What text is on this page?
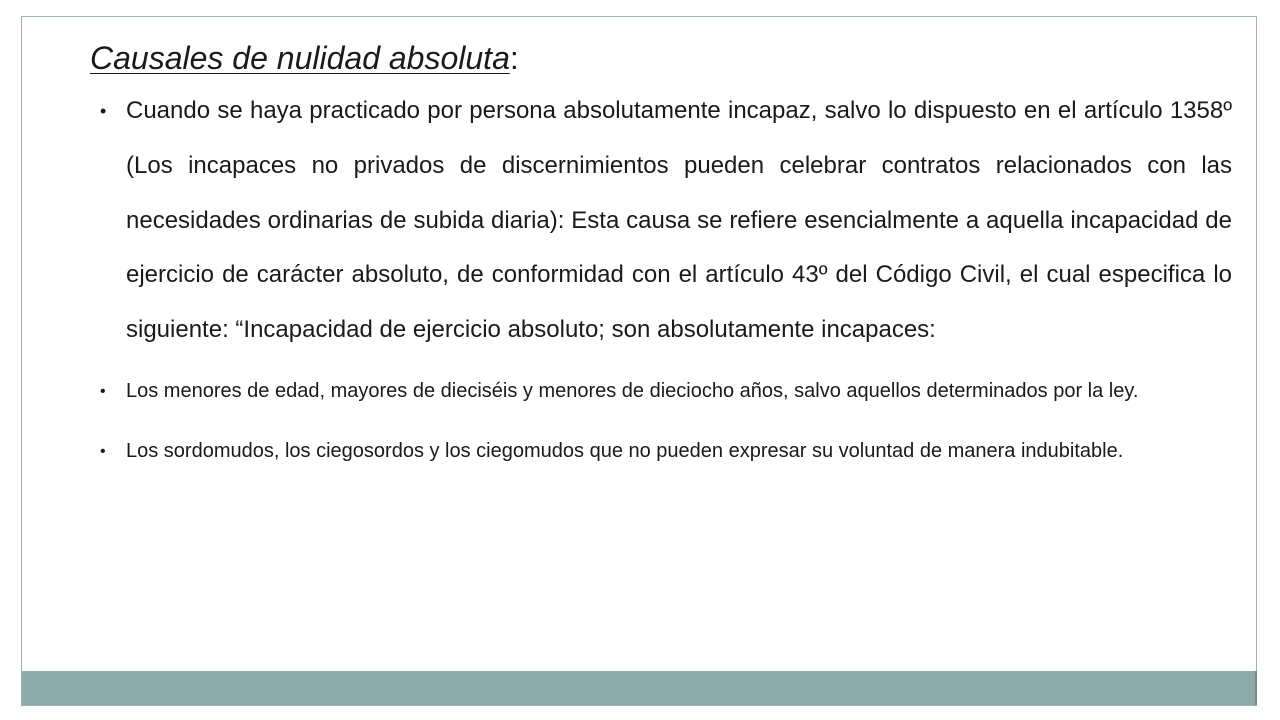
Causales de nulidad absoluta:
• Cuando se haya practicado por persona absolutamente incapaz, salvo lo dispuesto en el artículo 1358º (Los incapaces no privados de discernimientos pueden celebrar contratos relacionados con las necesidades ordinarias de subida diaria): Esta causa se refiere esencialmente a aquella incapacidad de ejercicio de carácter absoluto, de conformidad con el artículo 43º del Código Civil, el cual especifica lo siguiente: “Incapacidad de ejercicio absoluto; son absolutamente incapaces:
• Los menores de edad, mayores de dieciséis y menores de dieciocho años, salvo aquellos determinados por la ley.
• Los sordomudos, los ciegosordos y los ciegomudos que no pueden expresar su voluntad de manera indubitable.
